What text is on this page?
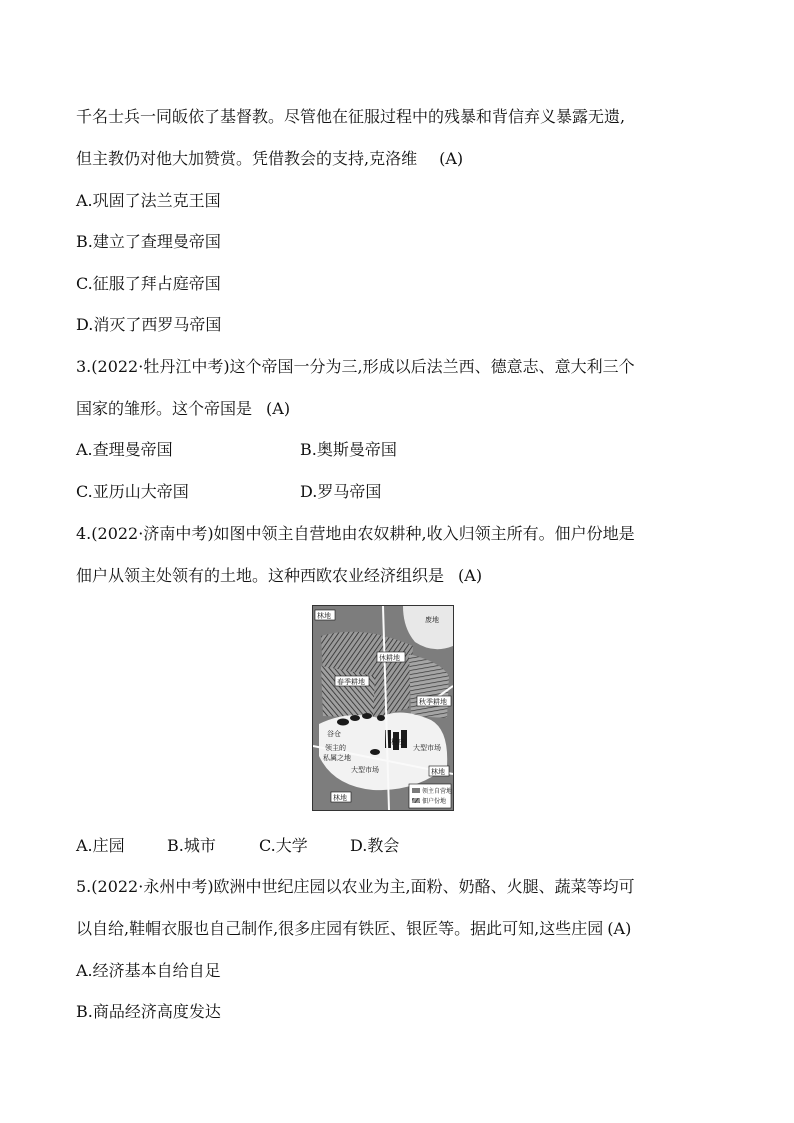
千名士兵一同皈依了基督教。尽管他在征服过程中的残暴和背信弃义暴露无遗,
但主教仍对他大加赞赏。凭借教会的支持,克洛维 (A)
A.巩固了法兰克王国
B.建立了查理曼帝国
C.征服了拜占庭帝国
D.消灭了西罗马帝国
3.(2022·牡丹江中考)这个帝国一分为三,形成以后法兰西、德意志、意大利三个
国家的雏形。这个帝国是 (A)
A.查理曼帝国	B.奥斯曼帝国
C.亚历山大帝国	D.罗马帝国
4.(2022·济南中考)如图中领主自营地由农奴耕种,收入归领主所有。佃户份地是
佃户从领主处领有的土地。这种西欧农业经济组织是 (A)
林地	废地
休耕地
春季耕地
秋季耕地
谷仓
领主的
私属之地
村庄
大型市场
大型市场	林地
林地
领主自营地
佃户份地
A.庄园	B.城市	C.大学	D.教会
5.(2022·永州中考)欧洲中世纪庄园以农业为主,面粉、奶酪、火腿、蔬菜等均可
以自给,鞋帽衣服也自己制作,很多庄园有铁匠、银匠等。据此可知,这些庄园 (A)
A.经济基本自给自足
B.商品经济高度发达
